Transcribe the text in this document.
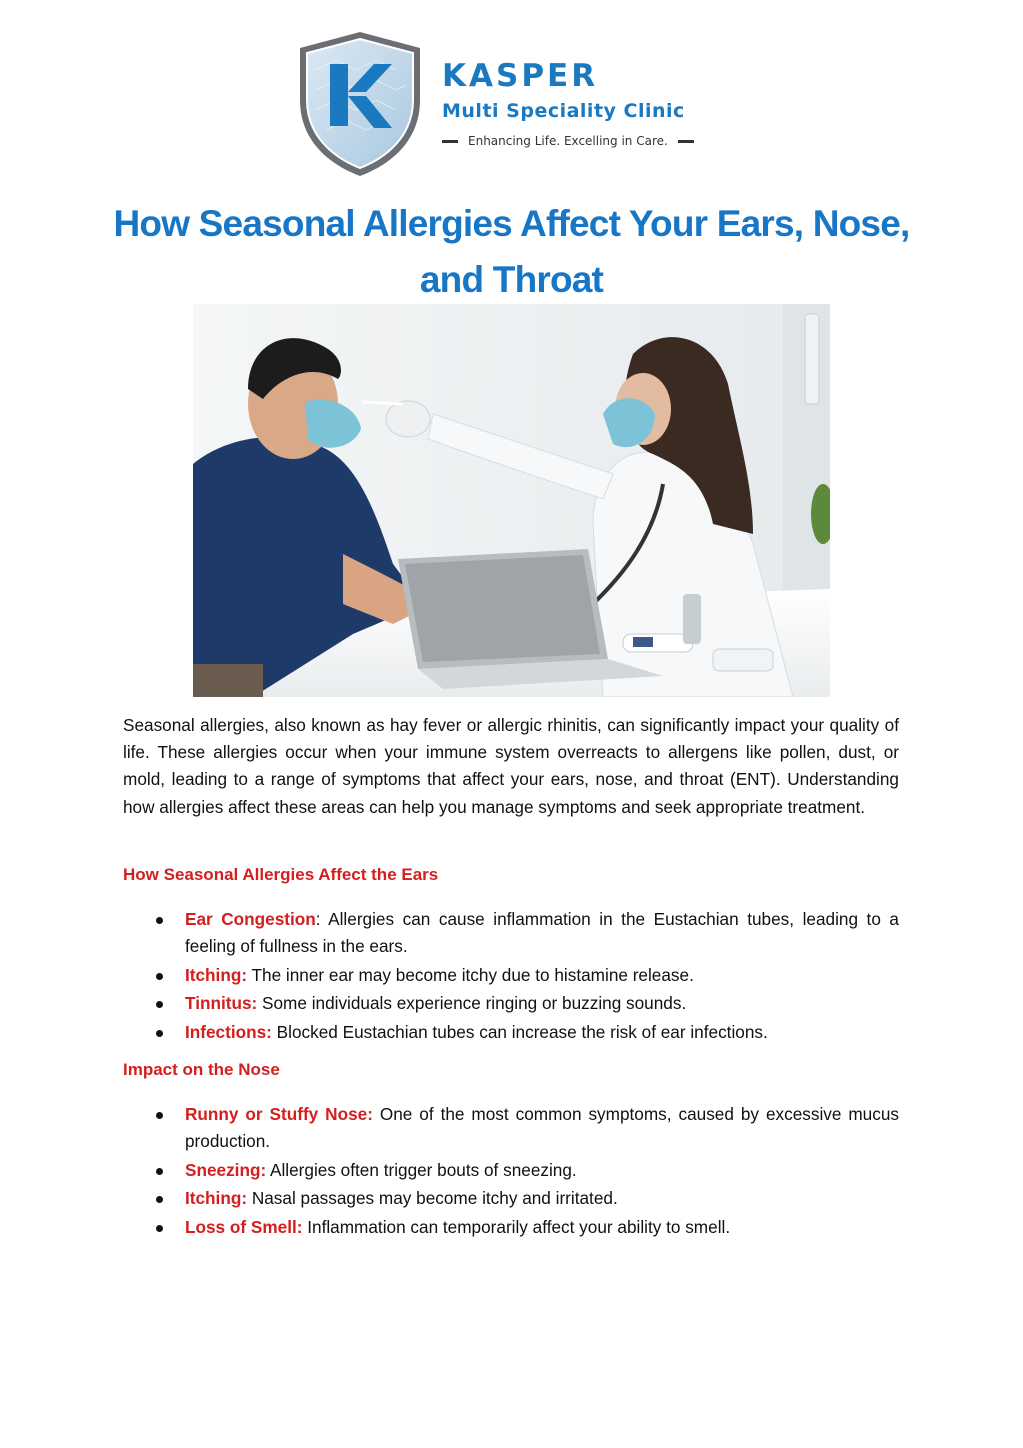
KASPER
Multi Speciality Clinic
Enhancing Life. Excelling in Care.
How Seasonal Allergies Affect Your Ears, Nose, and Throat

Seasonal allergies, also known as hay fever or allergic rhinitis, can significantly impact your quality of life. These allergies occur when your immune system overreacts to allergens like pollen, dust, or mold, leading to a range of symptoms that affect your ears, nose, and throat (ENT). Understanding how allergies affect these areas can help you manage symptoms and seek appropriate treatment.

How Seasonal Allergies Affect the Ears
Ear Congestion: Allergies can cause inflammation in the Eustachian tubes, leading to a feeling of fullness in the ears.
Itching: The inner ear may become itchy due to histamine release.
Tinnitus: Some individuals experience ringing or buzzing sounds.
Infections: Blocked Eustachian tubes can increase the risk of ear infections.
Impact on the Nose
Runny or Stuffy Nose: One of the most common symptoms, caused by excessive mucus production.
Sneezing: Allergies often trigger bouts of sneezing.
Itching: Nasal passages may become itchy and irritated.
Loss of Smell: Inflammation can temporarily affect your ability to smell.
